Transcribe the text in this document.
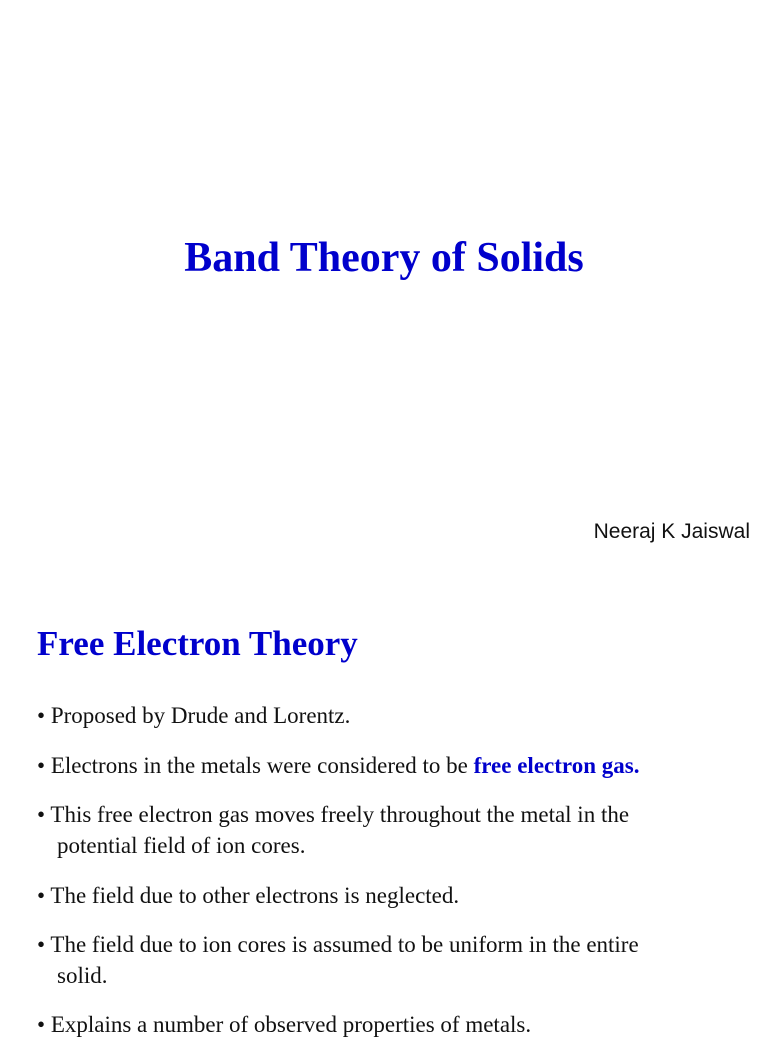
Band Theory of Solids
Neeraj K Jaiswal
Free Electron Theory
• Proposed by Drude and Lorentz.
• Electrons in the metals were considered to be free electron gas.
• This free electron gas moves freely throughout the metal in the
potential field of ion cores.
• The field due to other electrons is neglected.
• The field due to ion cores is assumed to be uniform in the entire
solid.
• Explains a number of observed properties of metals.
